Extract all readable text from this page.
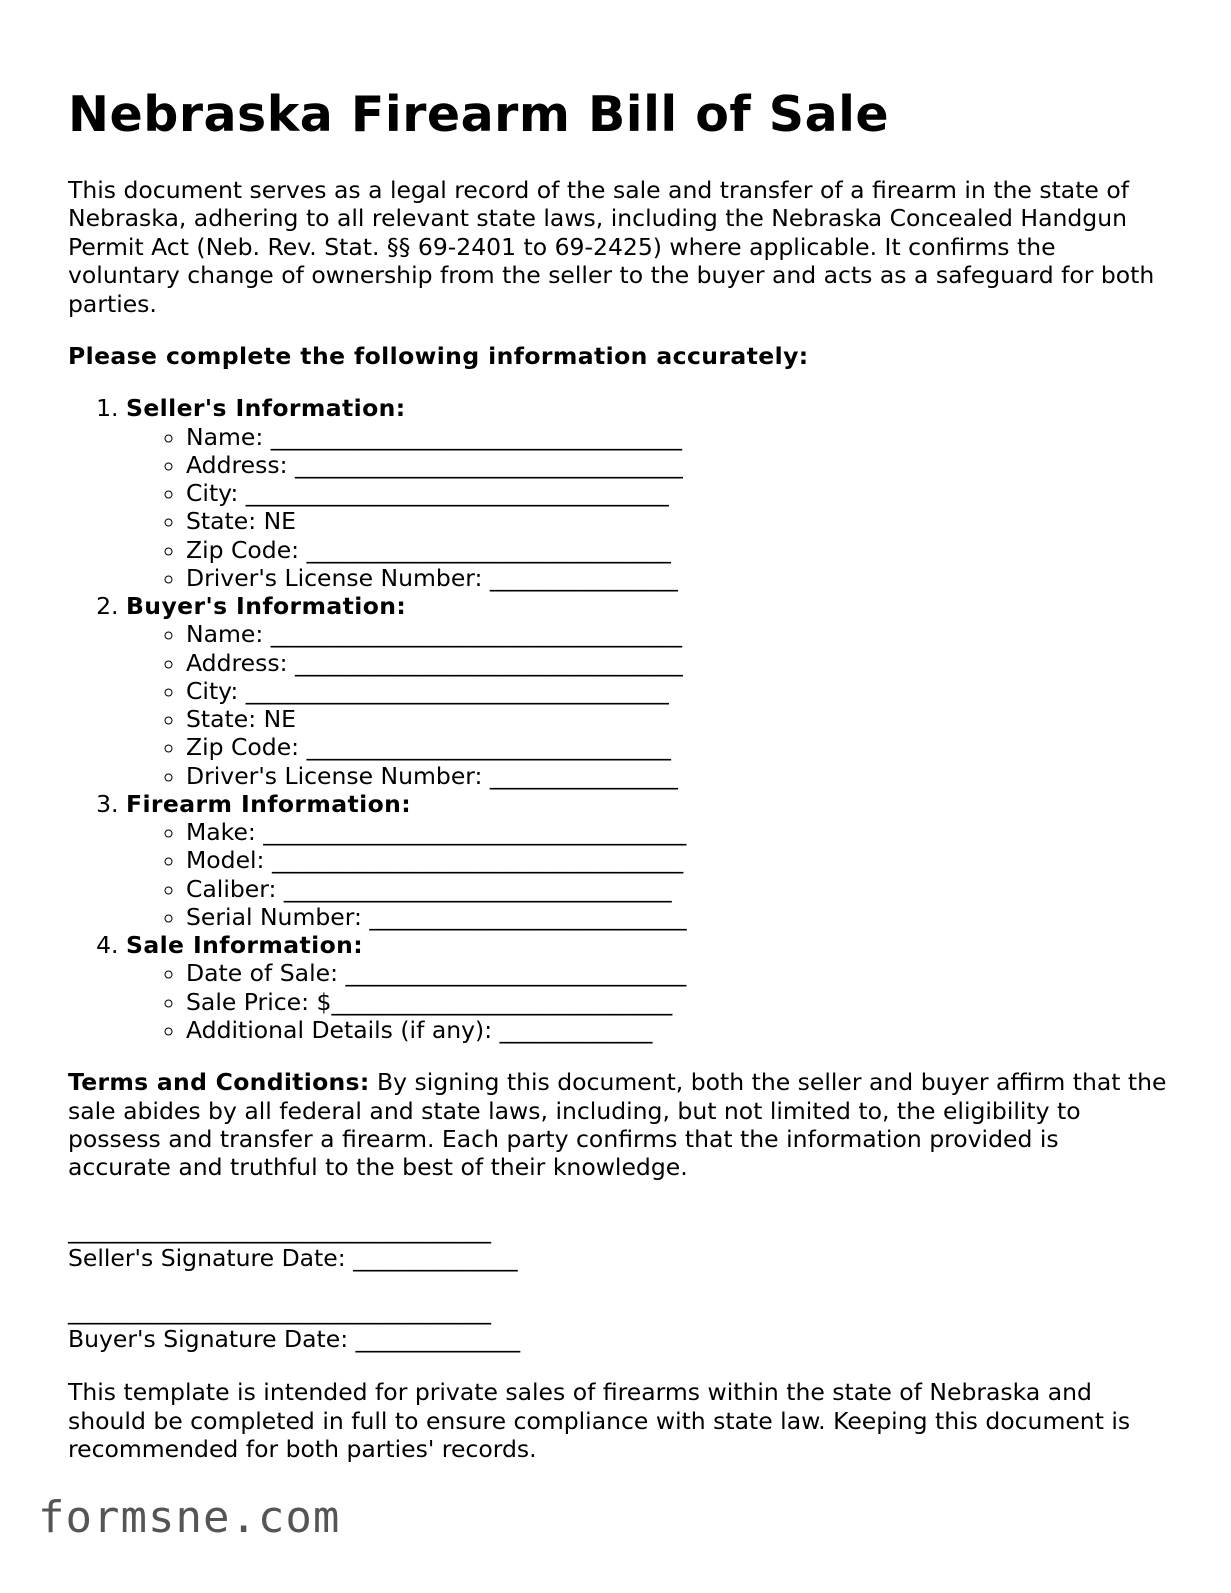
Nebraska Firearm Bill of Sale

This document serves as a legal record of the sale and transfer of a firearm in the state of Nebraska, adhering to all relevant state laws, including the Nebraska Concealed Handgun Permit Act (Neb. Rev. Stat. §§ 69-2401 to 69-2425) where applicable. It confirms the voluntary change of ownership from the seller to the buyer and acts as a safeguard for both parties.

Please complete the following information accurately:

1. Seller's Information:
◦ Name: ___________________________________
◦ Address: _________________________________
◦ City: ____________________________________
◦ State: NE
◦ Zip Code: _______________________________
◦ Driver's License Number: ________________
2. Buyer's Information:
◦ Name: ___________________________________
◦ Address: _________________________________
◦ City: ____________________________________
◦ State: NE
◦ Zip Code: _______________________________
◦ Driver's License Number: ________________
3. Firearm Information:
◦ Make: ____________________________________
◦ Model: ___________________________________
◦ Caliber: _________________________________
◦ Serial Number: ___________________________
4. Sale Information:
◦ Date of Sale: _____________________________
◦ Sale Price: $_____________________________
◦ Additional Details (if any): _____________

Terms and Conditions: By signing this document, both the seller and buyer affirm that the sale abides by all federal and state laws, including, but not limited to, the eligibility to possess and transfer a firearm. Each party confirms that the information provided is accurate and truthful to the best of their knowledge.

____________________________________
Seller's Signature Date: ______________
____________________________________
Buyer's Signature Date: ______________

This template is intended for private sales of firearms within the state of Nebraska and should be completed in full to ensure compliance with state law. Keeping this document is recommended for both parties' records.

formsne.com
